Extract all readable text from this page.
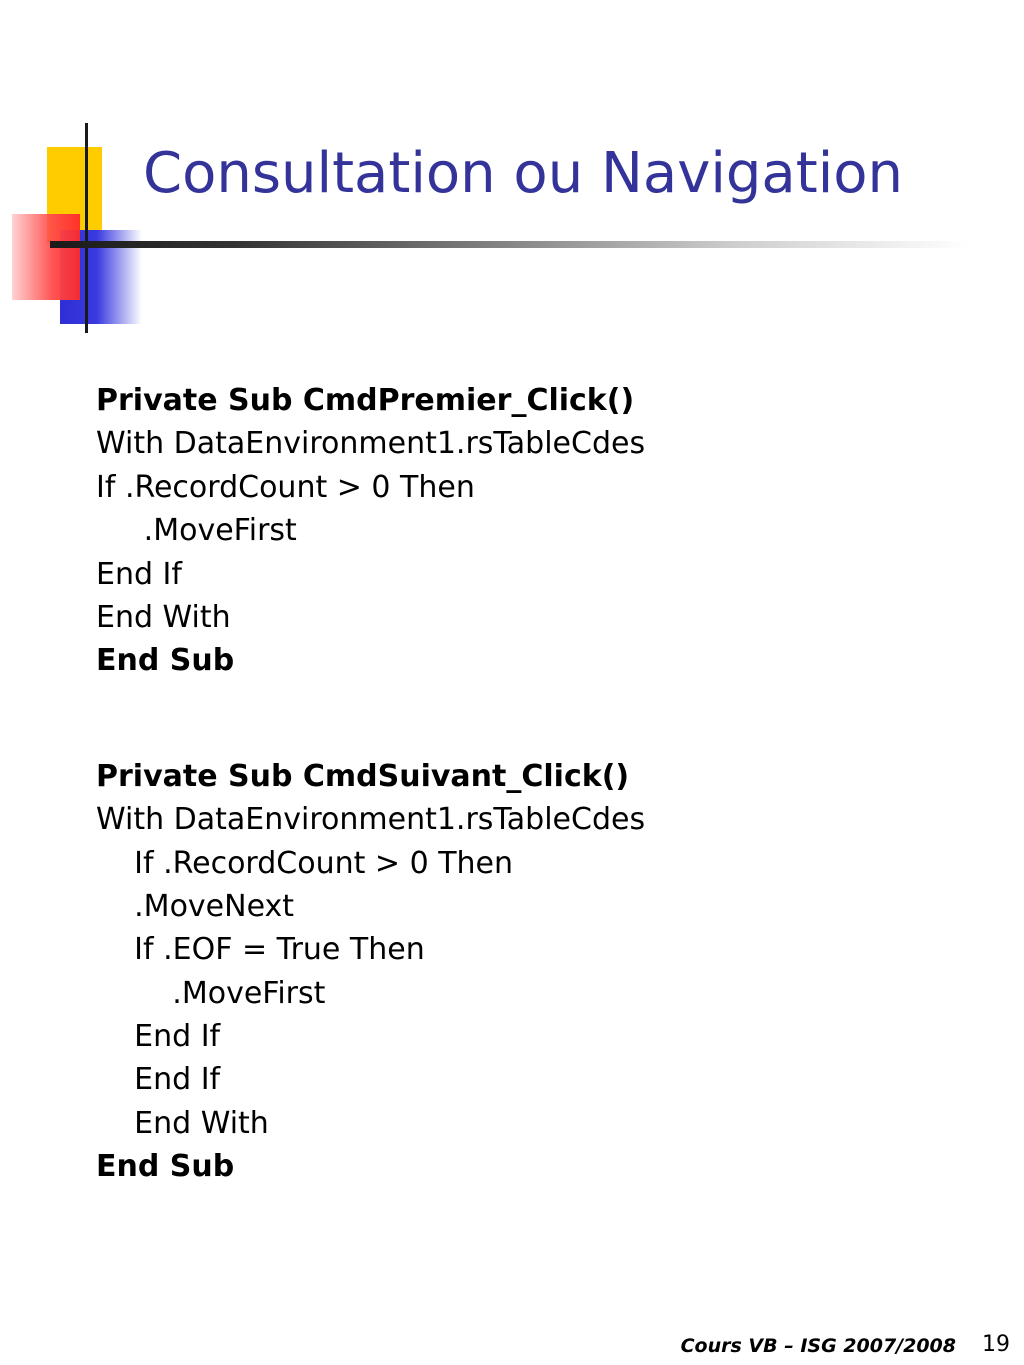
Consultation ou Navigation
Private Sub CmdPremier_Click()
With DataEnvironment1.rsTableCdes
If .RecordCount > 0 Then
.MoveFirst
End If
End With
End Sub
Private Sub CmdSuivant_Click()
With DataEnvironment1.rsTableCdes
If .RecordCount > 0 Then
.MoveNext
If .EOF = True Then
.MoveFirst
End If
End If
End With
End Sub
Cours VB – ISG 2007/2008 19
